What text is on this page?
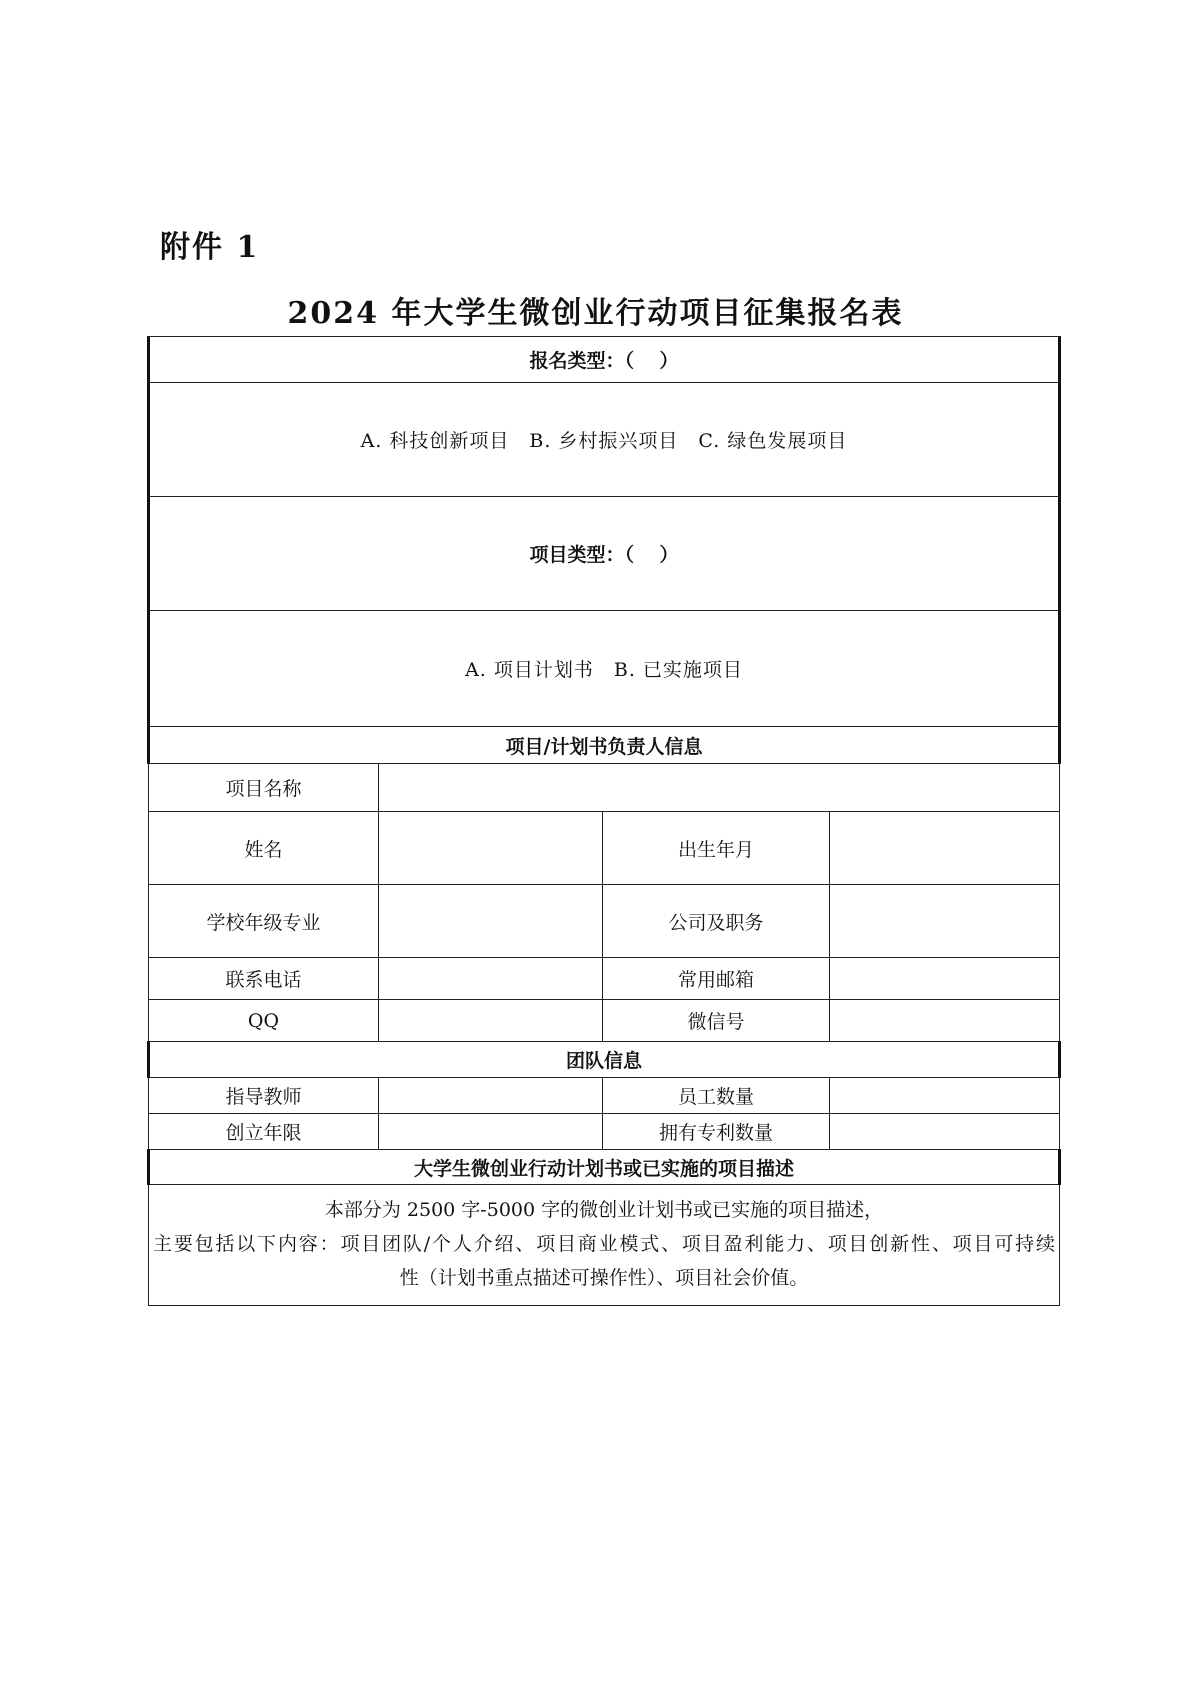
附件 1
2024 年大学生微创业行动项目征集报名表
报名类型：（　 ）			
A. 科技创新项目　B. 乡村振兴项目　C. 绿色发展项目			
项目类型：（　 ）			
A. 项目计划书　B. 已实施项目			
项目/计划书负责人信息			
项目名称			
姓名		出生年月	
学校年级专业		公司及职务	
联系电话		常用邮箱	
QQ		微信号	
团队信息			
指导教师		员工数量	
创立年限		拥有专利数量	
大学生微创业行动计划书或已实施的项目描述			

本部分为 2500 字-5000 字的微创业计划书或已实施的项目描述，
主要包括以下内容：项目团队/个人介绍、项目商业模式、项目盈利能力、项目创新性、项目可持续
性（计划书重点描述可操作性）、项目社会价值。			
